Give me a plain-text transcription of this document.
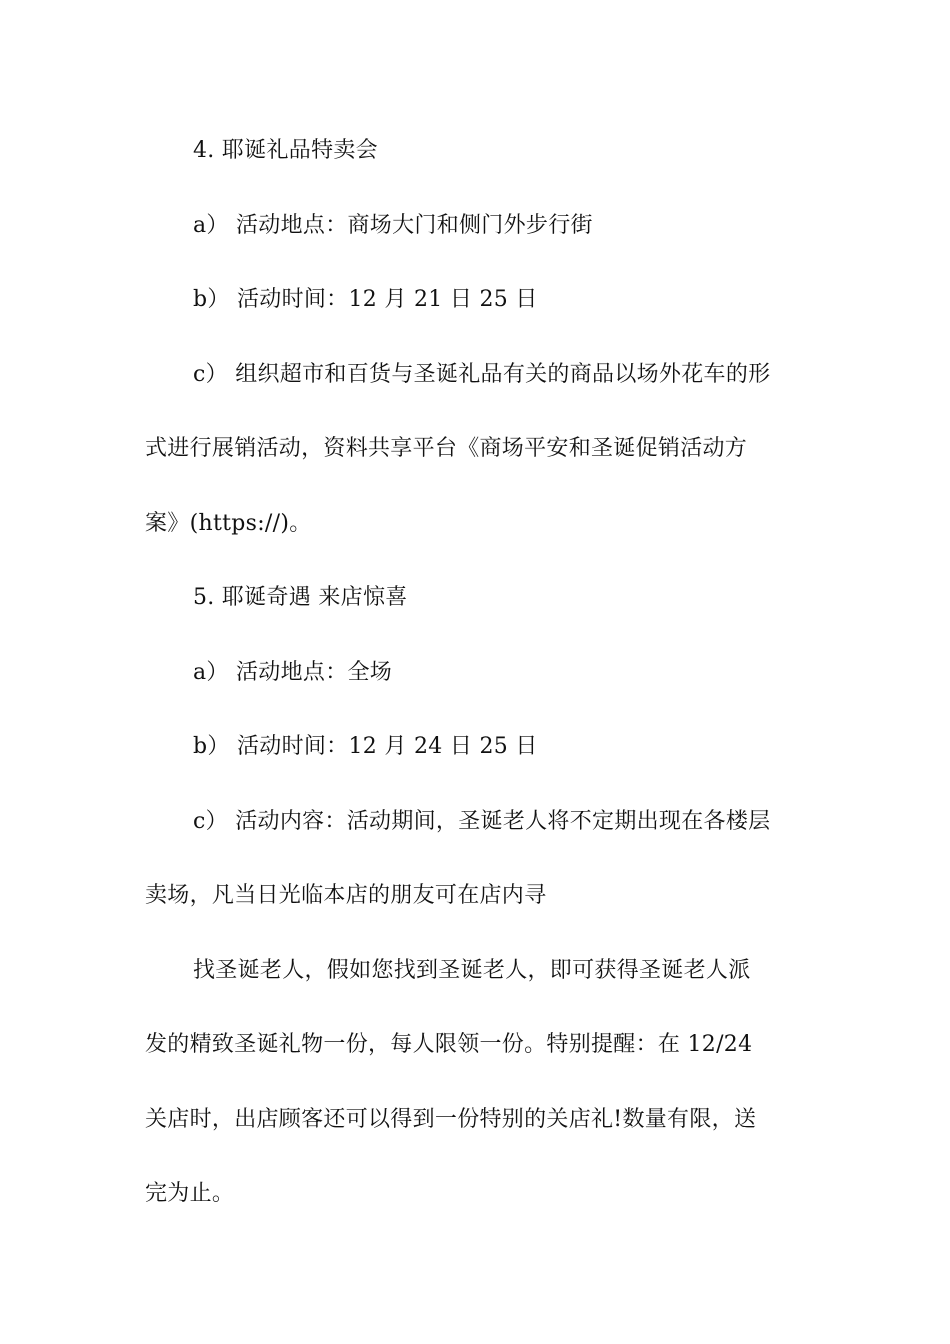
4. 耶诞礼品特卖会
a） 活动地点：商场大门和侧门外步行街
b） 活动时间：12 月 21 日 25 日
c） 组织超市和百货与圣诞礼品有关的商品以场外花车的形
式进行展销活动，资料共享平台《商场平安和圣诞促销活动方
案》(https://)。
5. 耶诞奇遇 来店惊喜
a） 活动地点：全场
b） 活动时间：12 月 24 日 25 日
c） 活动内容：活动期间，圣诞老人将不定期出现在各楼层
卖场，凡当日光临本店的朋友可在店内寻
找圣诞老人，假如您找到圣诞老人，即可获得圣诞老人派
发的精致圣诞礼物一份，每人限领一份。特别提醒：在 12/24
关店时，出店顾客还可以得到一份特别的关店礼!数量有限，送
完为止。
